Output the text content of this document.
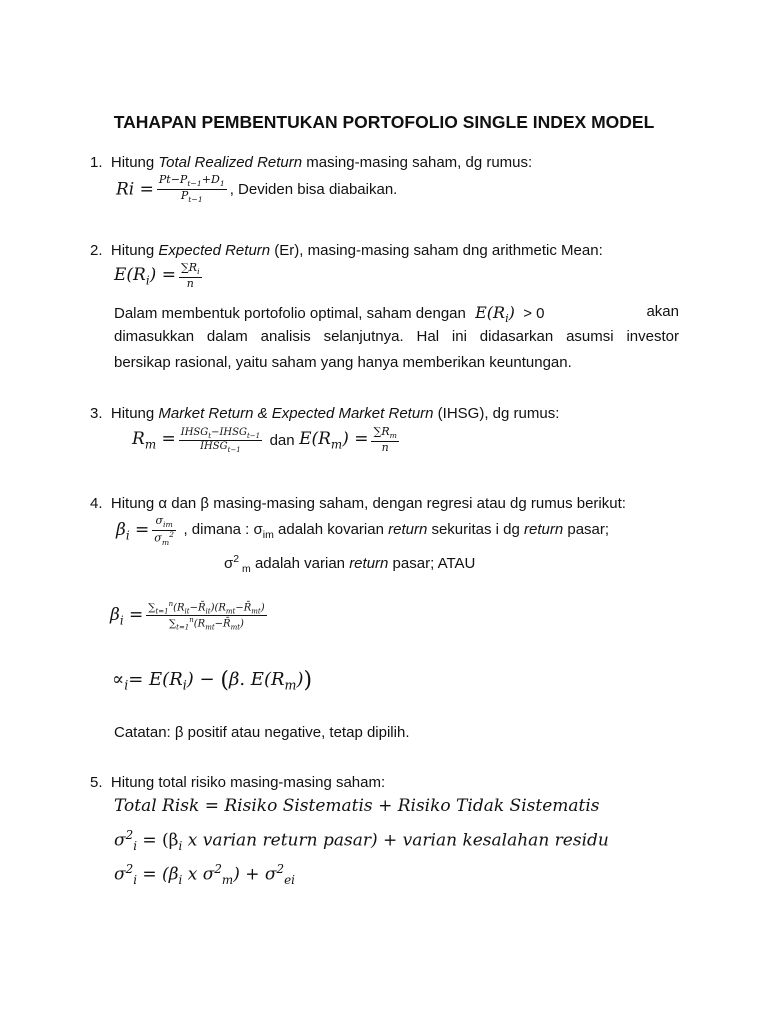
TAHAPAN PEMBENTUKAN PORTOFOLIO SINGLE INDEX MODEL
1. Hitung Total Realized Return masing-masing saham, dg rumus:
$Ri = \frac{Pt-P_{t-1}+D_1}{P_{t-1}}$ , Deviden bisa diabaikan.
2. Hitung Expected Return (Er), masing-masing saham dng arithmetic Mean:
$E(R_i) = \frac{\sum R_i}{n}$
Dalam membentuk portofolio optimal, saham dengan  $E(R_i) > 0$	akan
dimasukkan dalam analisis selanjutnya. Hal ini didasarkan asumsi investor
bersikap rasional, yaitu saham yang hanya memberikan keuntungan.
3. Hitung Market Return & Expected Market Return (IHSG), dg rumus:
$R_m = \frac{IHSG_t-IHSG_{t-1}}{IHSG_{t-1}}$ dan $E(R_m) = \frac{\sum R_m}{n}$
4. Hitung α dan β masing-masing saham, dengan regresi atau dg rumus berikut:
$\beta_i = \frac{\sigma_{im}}{\sigma_m^2}$ , dimana : $\sigma_{im}$ adalah kovarian return sekuritas i dg return pasar;
$\sigma^2$ $_m$ adalah varian return pasar; ATAU
$\beta_i = \frac{\sum_{t=1}^n(R_{it}-R̄_{it})(R_{mt}-R̄_{mt})}{\sum_{t=1}^n(R_{mt}-R̄_{mt})}$
$\propto_i= E(R_i) - (\beta$. $E(R_m)$)
Catatan: β positif atau negative, tetap dipilih.
5. Hitung total risiko masing-masing saham:
Total Risk = Risiko Sistematis + Risiko Tidak Sistematis
$\sigma^2_i = (\beta_i$ x varian return pasar) + varian kesalahan residu
$\sigma^2_i = (\beta_i$ x $\sigma^2_m) + \sigma^2_{ei}$
